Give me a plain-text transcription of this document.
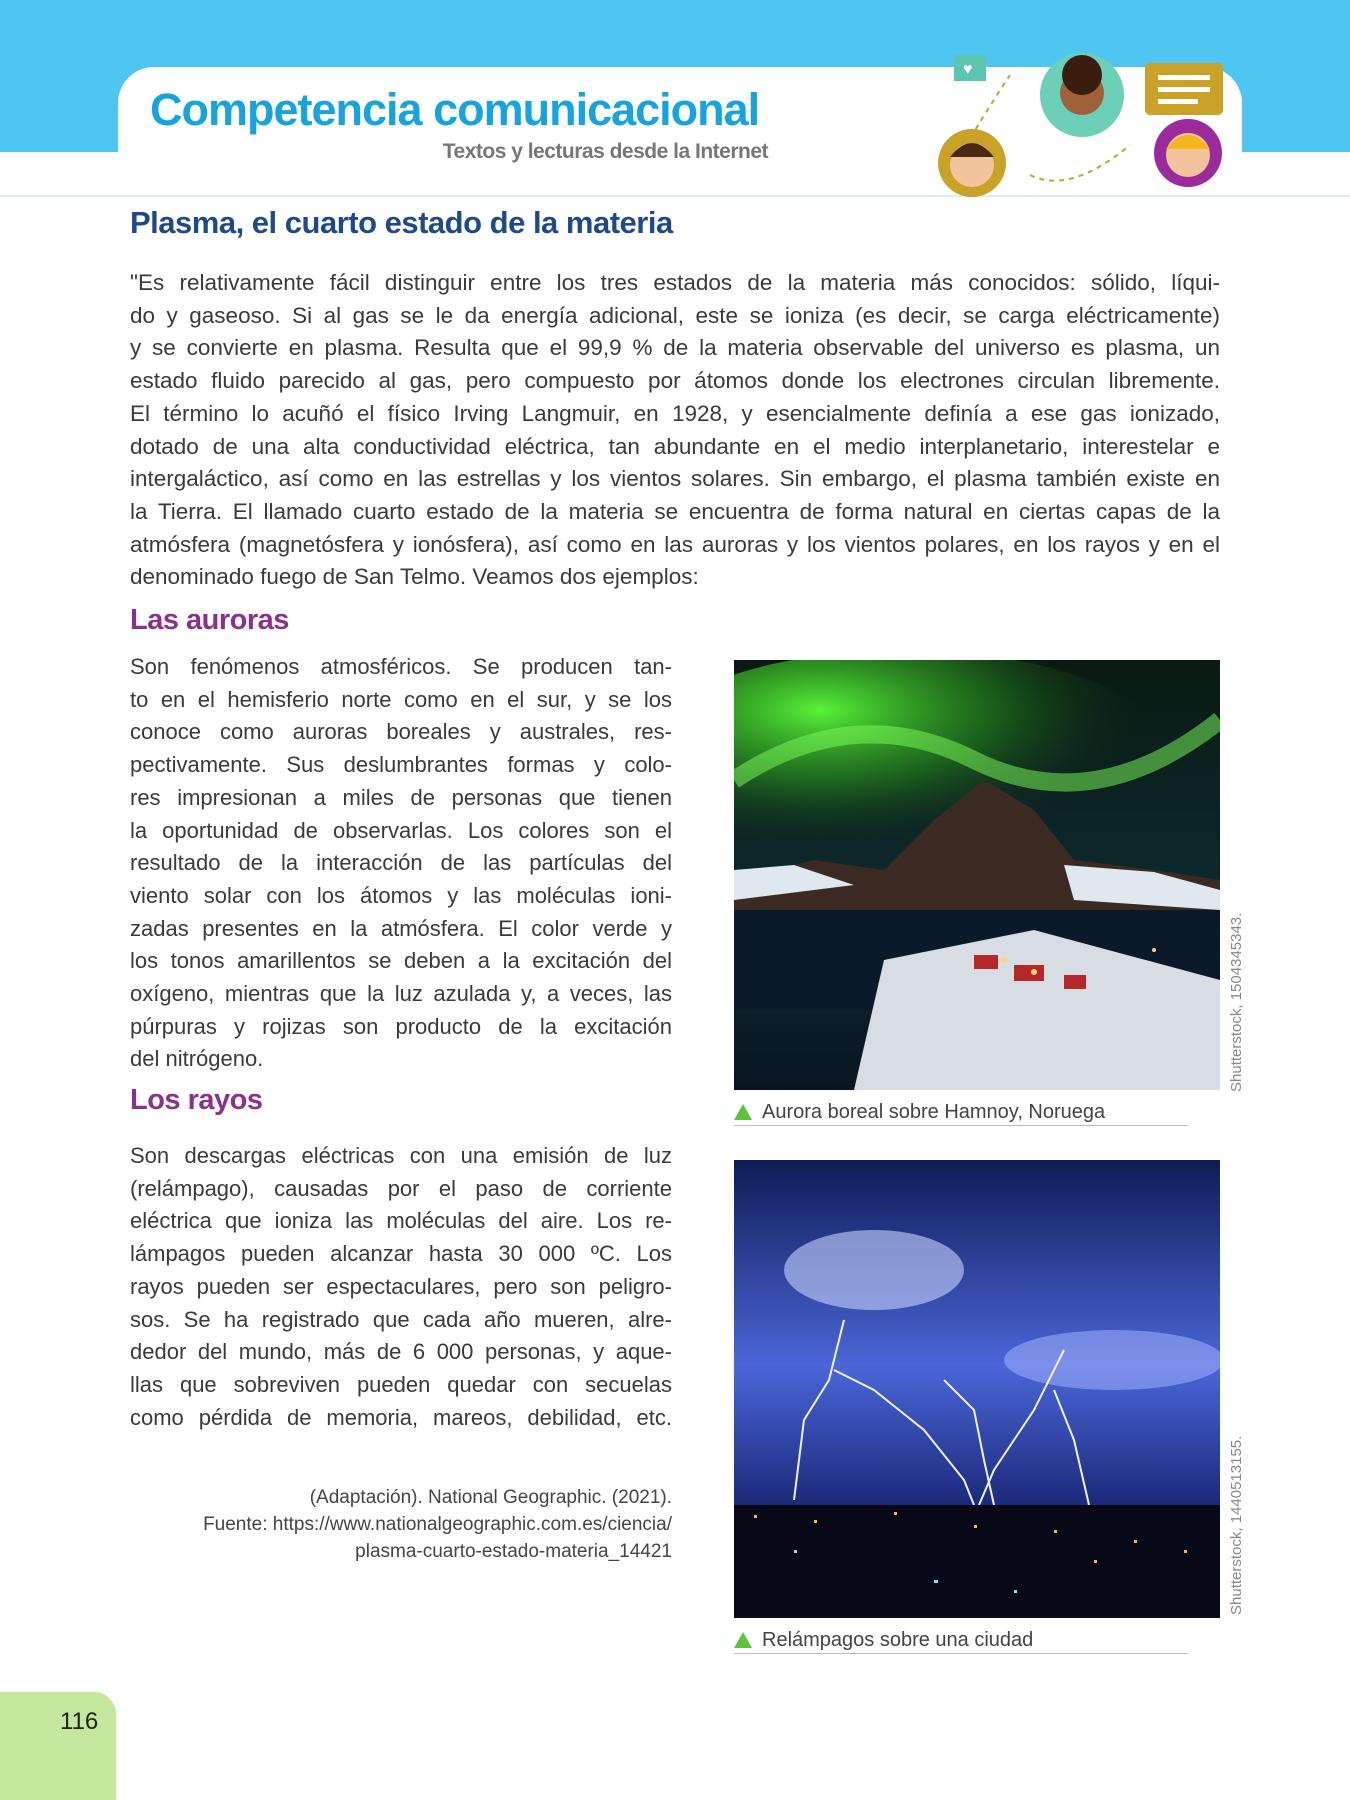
Competencia comunicacional
Textos y lecturas desde la Internet
♥
Plasma, el cuarto estado de la materia
"Es relativamente fácil distinguir entre los tres estados de la materia más conocidos: sólido, líqui-
do y gaseoso. Si al gas se le da energía adicional, este se ioniza (es decir, se carga eléctricamente)
y se convierte en plasma. Resulta que el 99,9 % de la materia observable del universo es plasma, un
estado fluido parecido al gas, pero compuesto por átomos donde los electrones circulan libremente.
El término lo acuñó el físico Irving Langmuir, en 1928, y esencialmente definía a ese gas ionizado,
dotado de una alta conductividad eléctrica, tan abundante en el medio interplanetario, interestelar e
intergaláctico, así como en las estrellas y los vientos solares. Sin embargo, el plasma también existe en
la Tierra. El llamado cuarto estado de la materia se encuentra de forma natural en ciertas capas de la
atmósfera (magnetósfera y ionósfera), así como en las auroras y los vientos polares, en los rayos y en el
denominado fuego de San Telmo. Veamos dos ejemplos:
Las auroras
Son fenómenos atmosféricos. Se producen tan-
to en el hemisferio norte como en el sur, y se los
conoce como auroras boreales y australes, res-
pectivamente. Sus deslumbrantes formas y colo-
res impresionan a miles de personas que tienen
la oportunidad de observarlas. Los colores son el
resultado de la interacción de las partículas del
viento solar con los átomos y las moléculas ioni-
zadas presentes en la atmósfera. El color verde y
los tonos amarillentos se deben a la excitación del
oxígeno, mientras que la luz azulada y, a veces, las
púrpuras y rojizas son producto de la excitación
del nitrógeno.
Los rayos
Son descargas eléctricas con una emisión de luz
(relámpago), causadas por el paso de corriente
eléctrica que ioniza las moléculas del aire. Los re-
lámpagos pueden alcanzar hasta 30 000 ºC. Los
rayos pueden ser espectaculares, pero son peligro-
sos. Se ha registrado que cada año mueren, alre-
dedor del mundo, más de 6 000 personas, y aque-
llas que sobreviven pueden quedar con secuelas
como pérdida de memoria, mareos, debilidad, etc.
(Adaptación). National Geographic. (2021).
Fuente: https://www.nationalgeographic.com.es/ciencia/
plasma-cuarto-estado-materia_14421
Shutterstock, 1504345343.
Aurora boreal sobre Hamnoy, Noruega
Shutterstock, 1440513155.
Relámpagos sobre una ciudad
116
